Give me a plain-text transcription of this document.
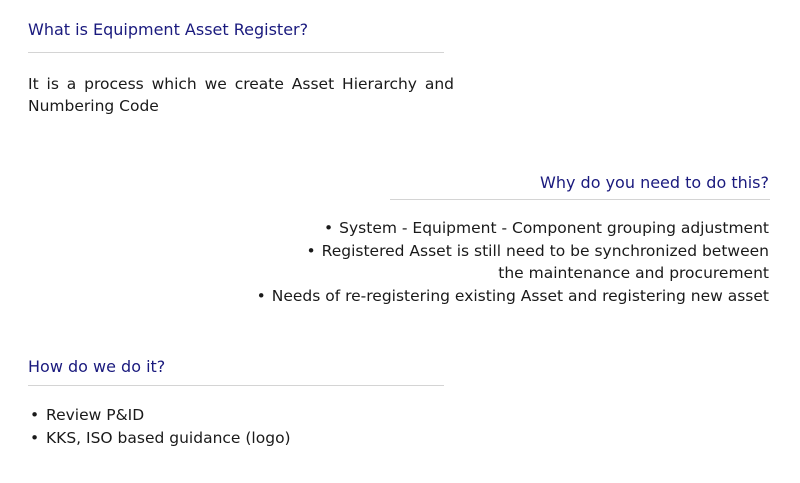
What is Equipment Asset Register?

It is a process which we create Asset Hierarchy and Numbering Code

Why do you need to do this?
• System - Equipment - Component grouping adjustment
• Registered Asset is still need to be synchronized between the maintenance and procurement
• Needs of re-registering existing Asset and registering new asset
How do we do it?
• Review P&ID
• KKS, ISO based guidance (logo)
